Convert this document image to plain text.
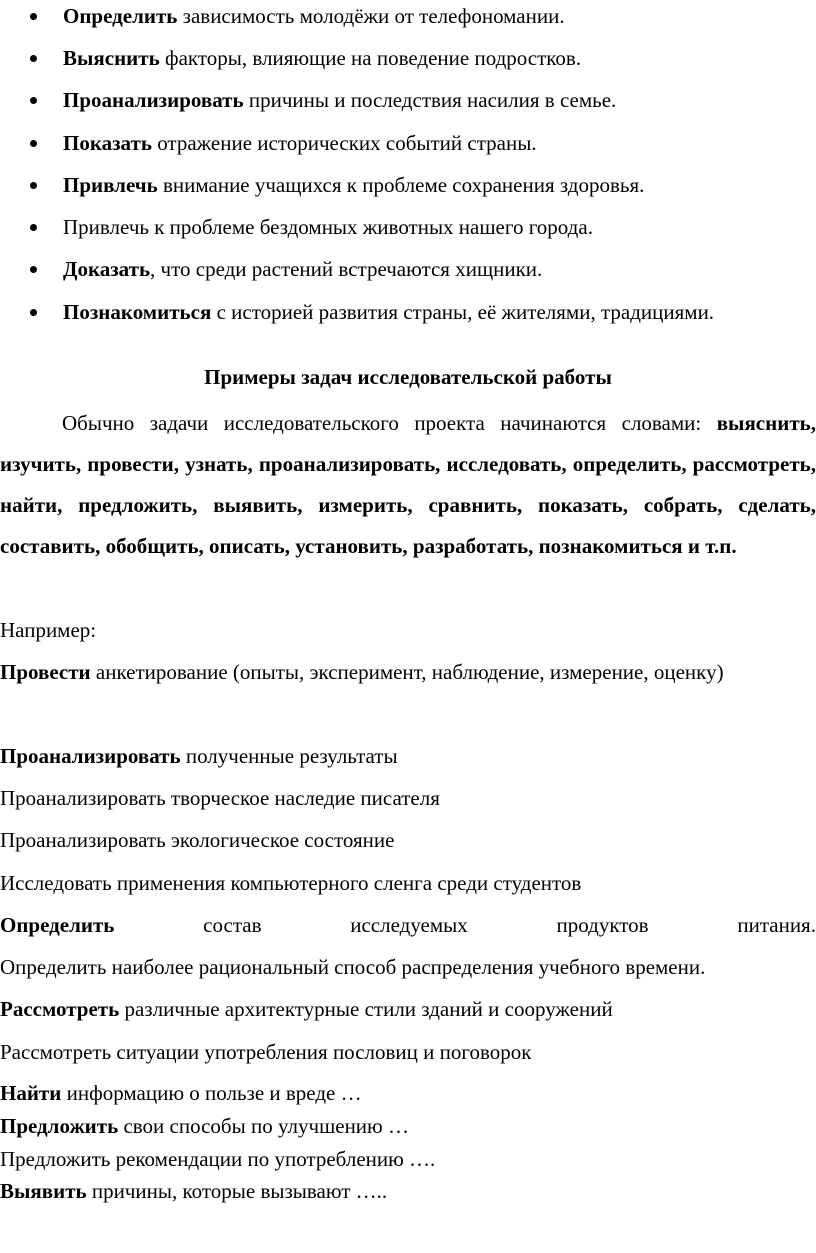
Определить зависимость молодёжи от телефономании.
Выяснить факторы, влияющие на поведение подростков.
Проанализировать причины и последствия насилия в семье.
Показать отражение исторических событий страны.
Привлечь внимание учащихся к проблеме сохранения здоровья.
Привлечь к проблеме бездомных животных нашего города.
Доказать, что среди растений встречаются хищники.
Познакомиться с историей развития страны, её жителями, традициями.
Примеры задач исследовательской работы

Обычно задачи исследовательского проекта начинаются словами: выяснить, изучить, провести, узнать, проанализировать, исследовать, определить, рассмотреть, найти, предложить, выявить, измерить, сравнить, показать, собрать, сделать, составить, обобщить, описать, установить, разработать, познакомиться и т.п.

Например:
Провести анкетирование (опыты, эксперимент, наблюдение, измерение, оценку)
Проанализировать полученные результаты
Проанализировать творческое наследие писателя
Проанализировать экологическое состояние
Исследовать применения компьютерного сленга среди студентов
Определить	состав	исследуемых	продуктов	питания.
Определить наиболее рациональный способ распределения учебного времени.
Рассмотреть различные архитектурные стили зданий и сооружений
Рассмотреть ситуации употребления пословиц и поговорок
Найти информацию о пользе и вреде …
Предложить свои способы по улучшению …
Предложить рекомендации по употреблению ….
Выявить причины, которые вызывают …..
